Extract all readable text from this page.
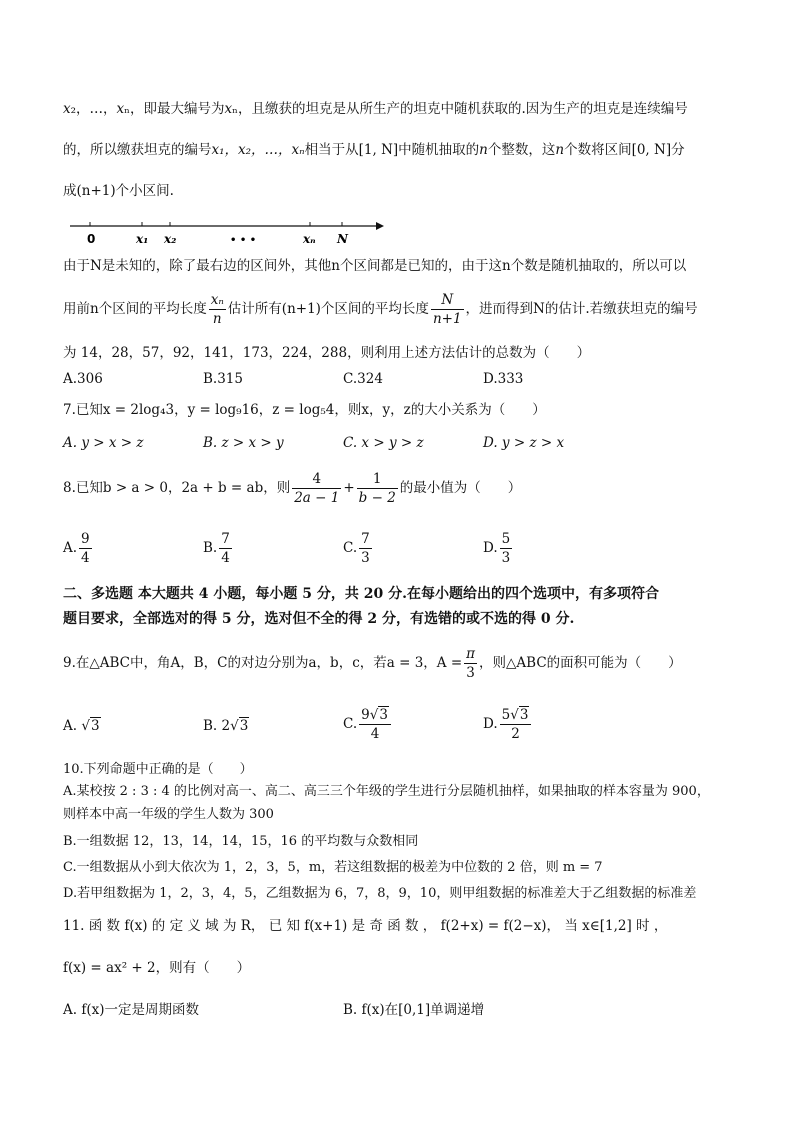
x₂，…，xₙ，即最大编号为xₙ，且缴获的坦克是从所生产的坦克中随机获取的.因为生产的坦克是连续编号
的，所以缴获坦克的编号x₁，x₂，…，xₙ相当于从[1, N]中随机抽取的n个整数，这n个数将区间[0, N]分
成(n+1)个小区间.
0	x₁ x₂	• • •	xₙ N
由于N是未知的，除了最右边的区间外，其他n个区间都是已知的，由于这n个数是随机抽取的，所以可以
用前n个区间的平均长度 $\frac{\text{xₙ}}{n}$ 估计所有(n+1)个区间的平均长度 $\frac{N}{n+1}$ ，进而得到N的估计.若缴获坦克的编号
为 14，28，57，92，141，173，224，288，则利用上述方法估计的总数为（　　）
A.306	B.315	C.324	D.333
7.已知x = 2log₄3，y = log₉16，z = log₅4，则x，y，z的大小关系为（　　）
A. y > x > z	B. z > x > y	C. x > y > z	D. y > z > x
8.已知b > a > 0，2a + b = ab，则 $\frac{4}{2a - 1} + \frac{1}{b - 2}$ 的最小值为（　　）
A. $\frac{9}{4}$	B. $\frac{7}{4}$	C. $\frac{7}{3}$	D. $\frac{5}{3}$
二、多选题 本大题共 4 小题，每小题 5 分，共 20 分.在每小题给出的四个选项中，有多项符合
题目要求，全部选对的得 5 分，选对但不全的得 2 分，有选错的或不选的得 0 分.
9.在△ABC中，角A，B，C的对边分别为a，b，c，若a = 3，$A = \frac{\pi}{3}$ ，则△ABC的面积可能为（　　）
A. √3	B. 2√3	C. $\frac{9√3}{4}$	D. $\frac{5√3}{2}$
10.下列命题中正确的是（　　）
A.某校按 2 : 3 : 4 的比例对高一、高二、高三三个年级的学生进行分层随机抽样，如果抽取的样本容量为 900，
则样本中高一年级的学生人数为 300
B.一组数据 12，13，14，14，15，16 的平均数与众数相同
C.一组数据从小到大依次为 1，2，3，5，m，若这组数据的极差为中位数的 2 倍，则 m = 7
D.若甲组数据为 1，2，3，4，5，乙组数据为 6，7，8，9，10，则甲组数据的标准差大于乙组数据的标准差
11. 函 数 f(x) 的 定 义 域 为 R， 已 知 f(x+1) 是 奇 函 数 ， f(2+x) = f(2−x)， 当 x∈[1,2] 时 ，
f(x) = ax² + 2，则有（　　）
A. f(x)一定是周期函数	B. f(x)在[0,1]单调递增
